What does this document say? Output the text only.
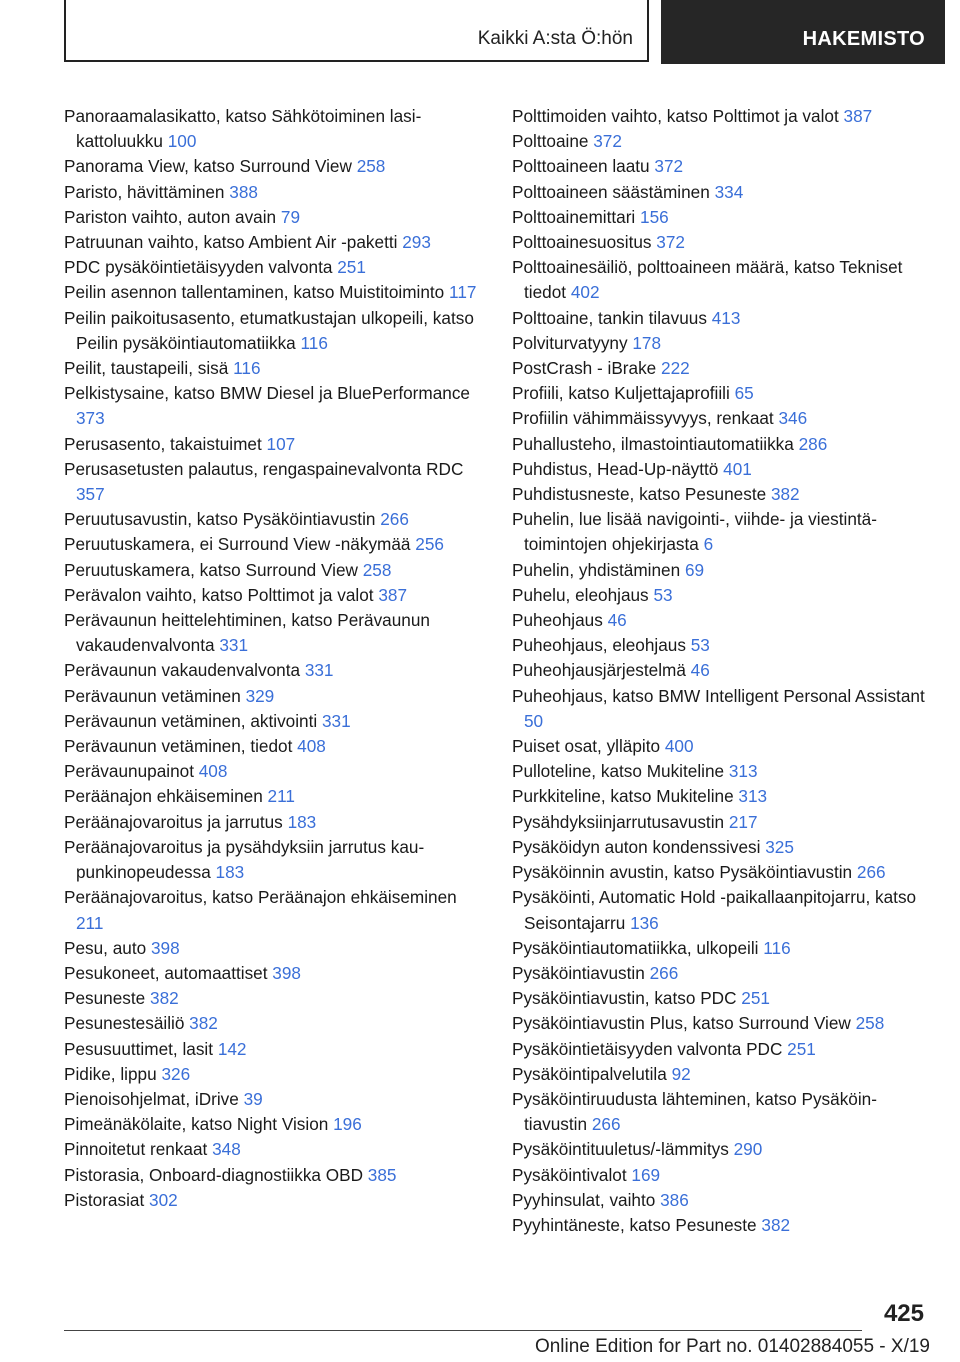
Kaikki A:sta Ö:hön	HAKEMISTO
Panoraamalasikatto, katso Sähkötoiminen lasikattoluukku 100
Panorama View, katso Surround View 258
Paristo, hävittäminen 388
Pariston vaihto, auton avain 79
Patruunan vaihto, katso Ambient Air -paketti 293
PDC pysäköintietäisyyden valvonta 251
Peilin asennon tallentaminen, katso Muistitoiminto 117
Peilin paikoitusasento, etumatkustajan ulkopeili, katso Peilin pysäköintiautomatiikka 116
Peilit, taustapeili, sisä 116
Pelkistysaine, katso BMW Diesel ja BluePerformance 373
Perusasento, takaistuimet 107
Perusasetusten palautus, rengaspainevalvonta RDC 357
Peruutusavustin, katso Pysäköintiavustin 266
Peruutuskamera, ei Surround View -näkymää 256
Peruutuskamera, katso Surround View 258
Perävalon vaihto, katso Polttimot ja valot 387
Perävaunun heittelehtiminen, katso Perävaunun vakaudenvalvonta 331
Perävaunun vakaudenvalvonta 331
Perävaunun vetäminen 329
Perävaunun vetäminen, aktivointi 331
Perävaunun vetäminen, tiedot 408
Perävaunupainot 408
Peräänajon ehkäiseminen 211
Peräänajovaroitus ja jarrutus 183
Peräänajovaroitus ja pysähdyksiin jarrutus kaupunkinopeudessa 183
Peräänajovaroitus, katso Peräänajon ehkäiseminen 211
Pesu, auto 398
Pesukoneet, automaattiset 398
Pesuneste 382
Pesunestesäiliö 382
Pesusuuttimet, lasit 142
Pidike, lippu 326
Pienoisohjelmat, iDrive 39
Pimeänäkölaite, katso Night Vision 196
Pinnoitetut renkaat 348
Pistorasia, Onboard-diagnostiikka OBD 385
Pistorasiat 302
Polttimoiden vaihto, katso Polttimot ja valot 387
Polttoaine 372
Polttoaineen laatu 372
Polttoaineen säästäminen 334
Polttoainemittari 156
Polttoainesuositus 372
Polttoainesäiliö, polttoaineen määrä, katso Tekniset tiedot 402
Polttoaine, tankin tilavuus 413
Polviturvatyyny 178
PostCrash - iBrake 222
Profiili, katso Kuljettajaprofiili 65
Profiilin vähimmäissyvyys, renkaat 346
Puhallusteho, ilmastointiautomatiikka 286
Puhdistus, Head-Up-näyttö 401
Puhdistusneste, katso Pesuneste 382
Puhelin, lue lisää navigointi-, viihde- ja viestintätoimintojen ohjekirjasta 6
Puhelin, yhdistäminen 69
Puhelu, eleohjaus 53
Puheohjaus 46
Puheohjaus, eleohjaus 53
Puheohjausjärjestelmä 46
Puheohjaus, katso BMW Intelligent Personal Assistant 50
Puiset osat, ylläpito 400
Pulloteline, katso Mukiteline 313
Purkkiteline, katso Mukiteline 313
Pysähdyksiinjarrutusavustin 217
Pysäköidyn auton kondenssivesi 325
Pysäköinnin avustin, katso Pysäköintiavustin 266
Pysäköinti, Automatic Hold -paikallaanpitojarru, katso Seisontajarru 136
Pysäköintiautomatiikka, ulkopeili 116
Pysäköintiavustin 266
Pysäköintiavustin, katso PDC 251
Pysäköintiavustin Plus, katso Surround View 258
Pysäköintietäisyyden valvonta PDC 251
Pysäköintipalvelutila 92
Pysäköintiruudusta lähteminen, katso Pysäköintiavustin 266
Pysäköintituuletus/-lämmitys 290
Pysäköintivalot 169
Pyyhinsulat, vaihto 386
Pyyhintäneste, katso Pesuneste 382
425
Online Edition for Part no. 01402884055 - X/19
